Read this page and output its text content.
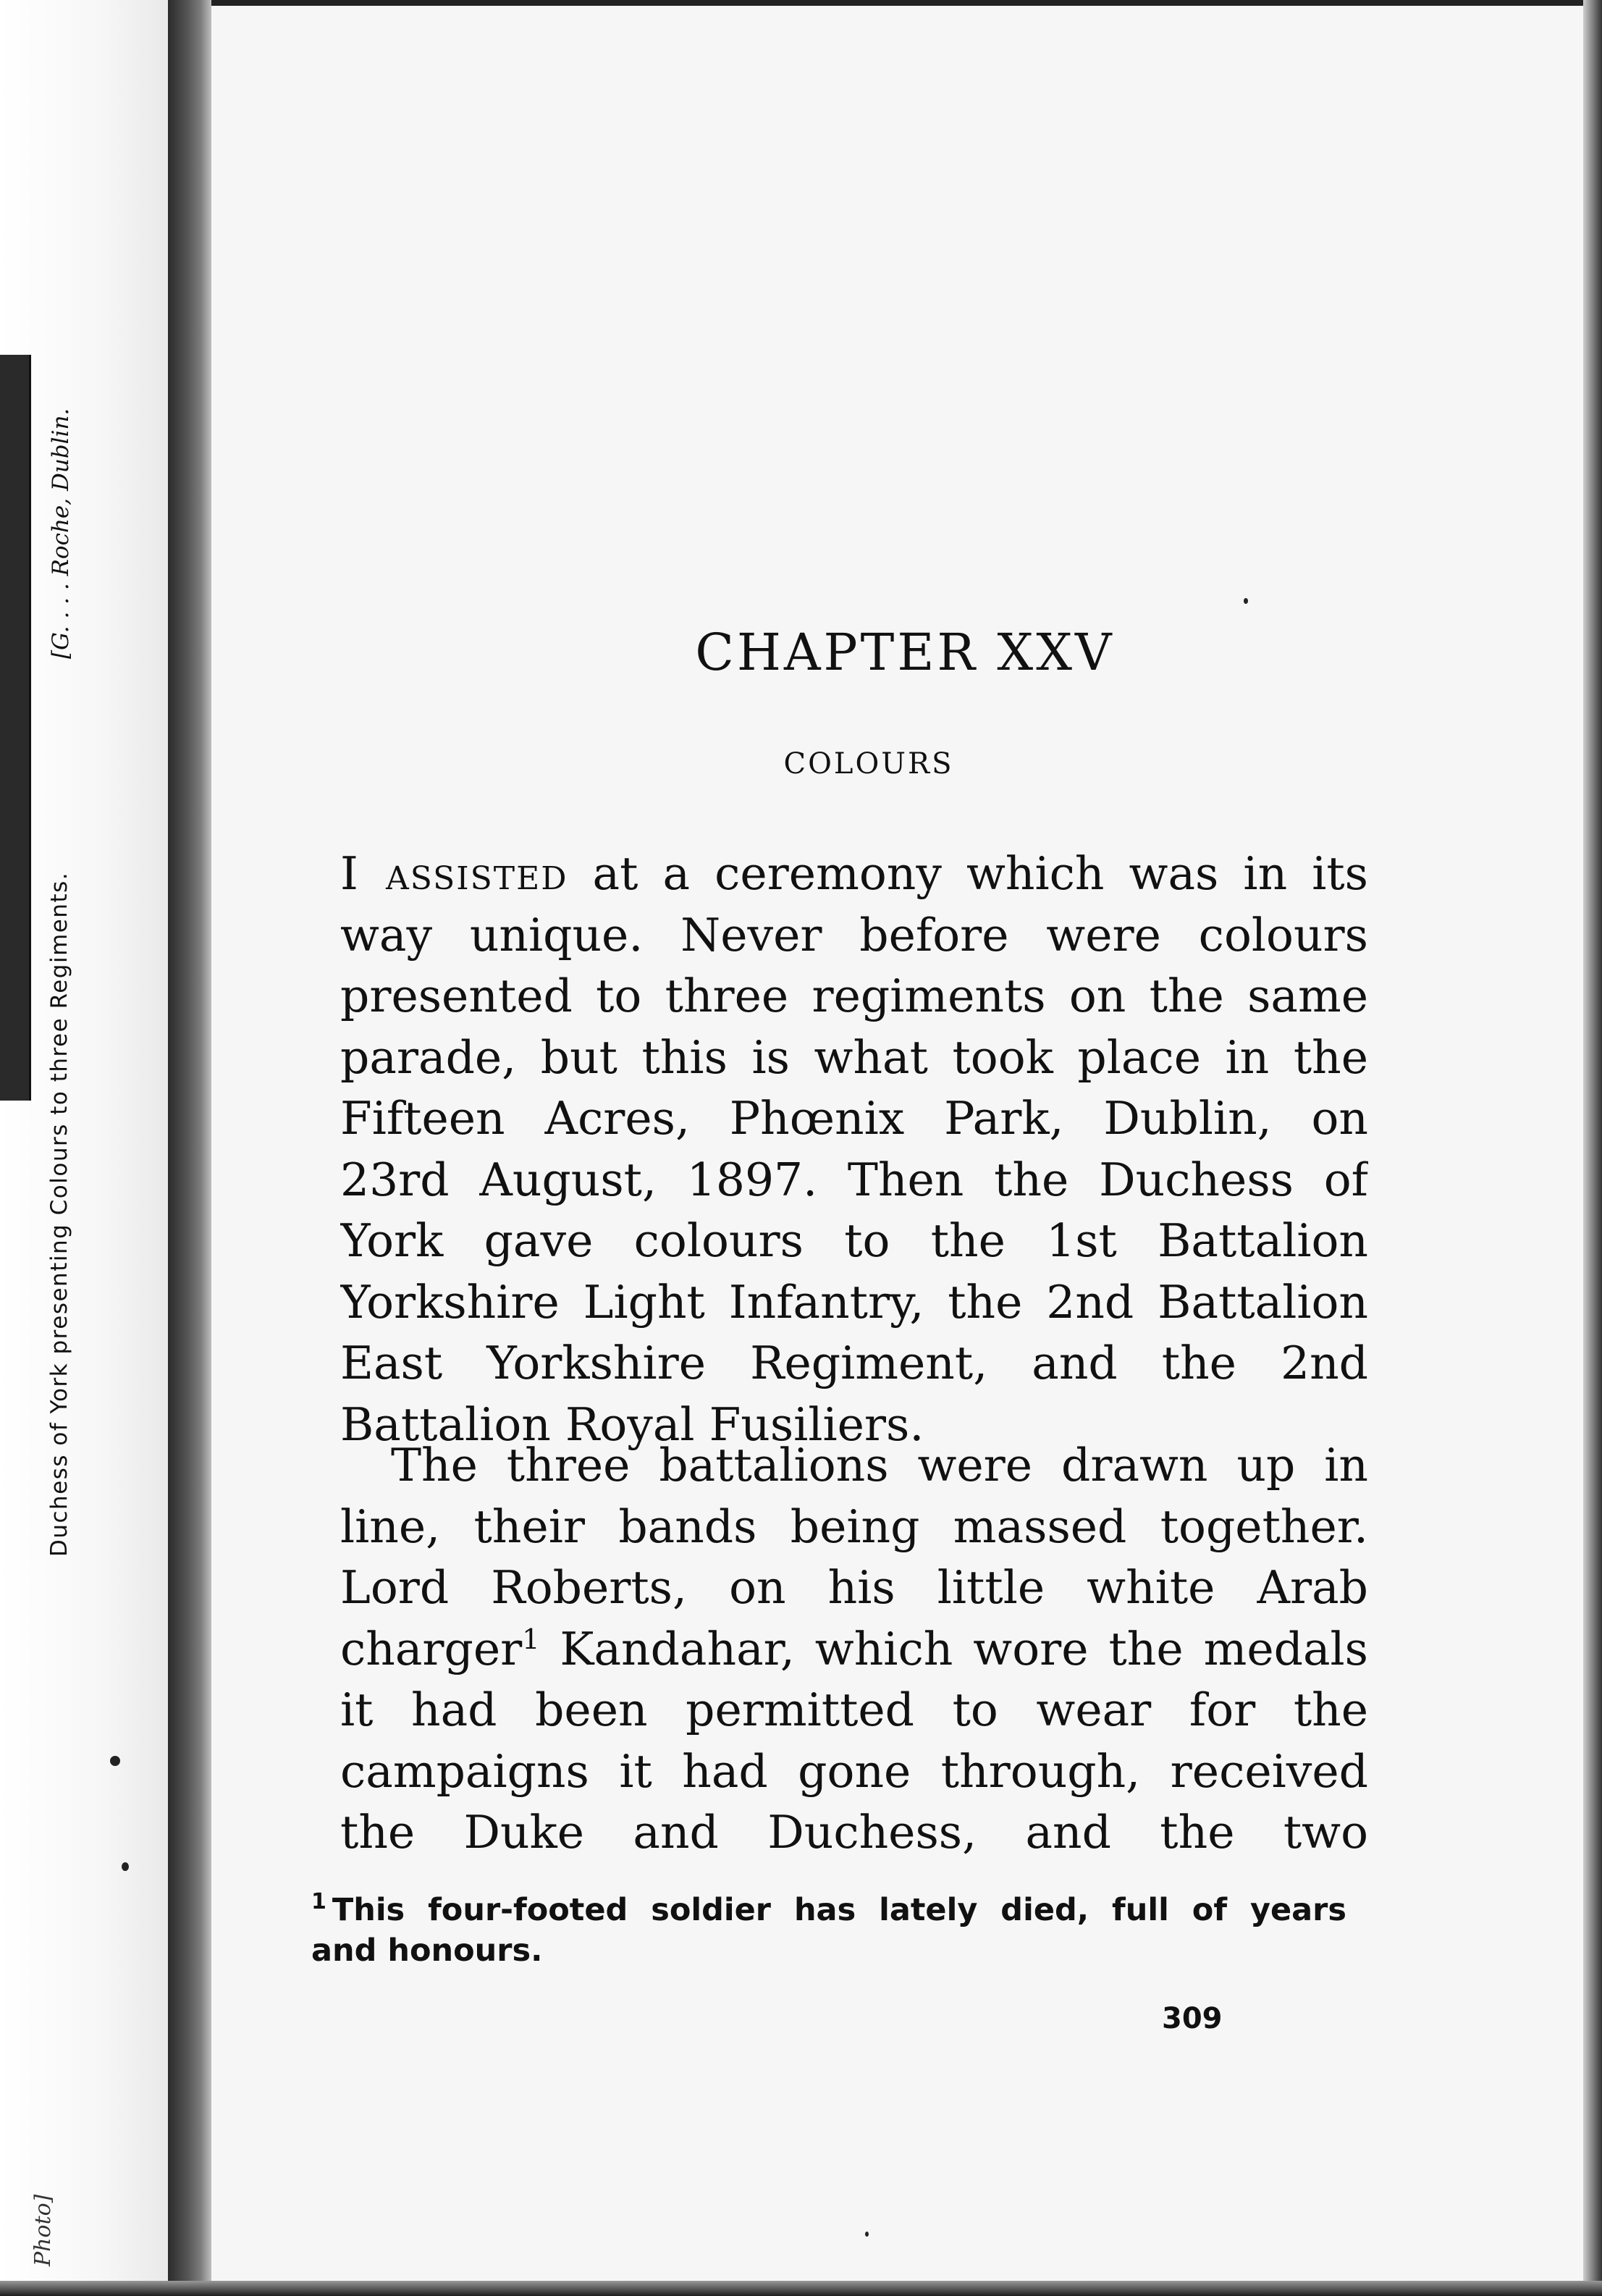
Photo]
Duchess of York presenting Colours to three Regiments.
[G. . . . Roche, Dublin.	CHAPTER XXV
COLOURS
I assisted at a ceremony which was in its
way unique. Never before were colours
presented to three regiments on the same
parade, but this is what took place in the
Fifteen Acres, Phœnix Park, Dublin, on
23rd August, 1897. Then the Duchess of
York gave colours to the 1st Battalion
Yorkshire Light Infantry, the 2nd Battalion
East Yorkshire Regiment, and the 2nd
Battalion Royal Fusiliers.
The three battalions were drawn up in
line, their bands being massed together.
Lord Roberts, on his little white Arab
charger$^1$ Kandahar, which wore the medals
it had been permitted to wear for the
campaigns it had gone through, received
the Duke and Duchess, and the two
$^1$ This four-footed soldier has lately died, full of years
and honours.
309
